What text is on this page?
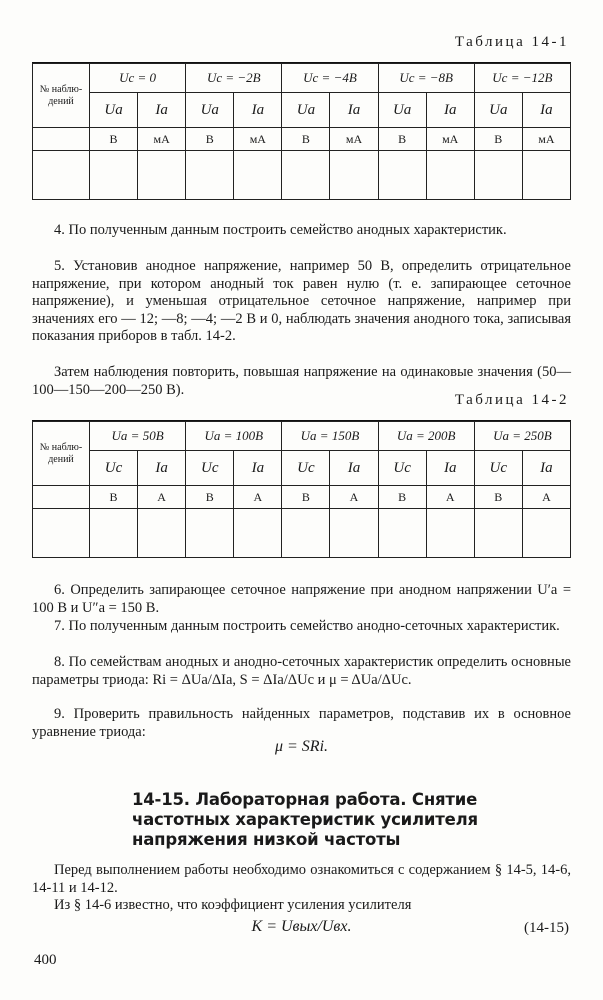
Таблица 14-1
№ наблю- дений	Uc = 0		Uc = −2В		Uc = −4В		Uc = −8В		Uc = −12В	
	Ua	Ia	Ua	Ia	Ua	Ia	Ua	Ia	Ua	Ia
	В	мА	В	мА	В	мА	В	мА	В	мА

4. По полученным данным построить семейство анодных характеристик.

5. Установив анодное напряжение, например 50 В, определить отрицательное напряжение, при котором анодный ток равен нулю (т. е. запирающее сеточное напряжение), и уменьшая отрицательное сеточное напряжение, например при значениях его — 12; —8; —4; —2 В и 0, наблюдать значения анодного тока, записывая показания приборов в табл. 14-2.

Затем наблюдения повторить, повышая напряжение на одинаковые значения (50—100—150—200—250 В).

Таблица 14-2
№ наблю- дений	Ua = 50В		Ua = 100В		Ua = 150В		Ua = 200В		Ua = 250В	
	Uc	Ia	Uc	Ia	Uc	Ia	Uc	Ia	Uc	Ia
	В	А	В	А	В	А	В	А	В	А

6. Определить запирающее сеточное напряжение при анодном напряжении U′a = 100 В и U″a = 150 В.

7. По полученным данным построить семейство анодно-сеточных характеристик.

8. По семействам анодных и анодно-сеточных характеристик определить основные параметры триода: Ri = ΔUa/ΔIa, S = ΔIa/ΔUc и μ = ΔUa/ΔUc.

9. Проверить правильность найденных параметров, подставив их в основное уравнение триода:

μ = SRi.
14-15. Лабораторная работа. Снятие частотных характеристик усилителя напряжения низкой частоты

Перед выполнением работы необходимо ознакомиться с содержанием § 14-5, 14-6, 14-11 и 14-12.

Из § 14-6 известно, что коэффициент усиления усилителя

K = Uвых/Uвх.	(14-15)
400
